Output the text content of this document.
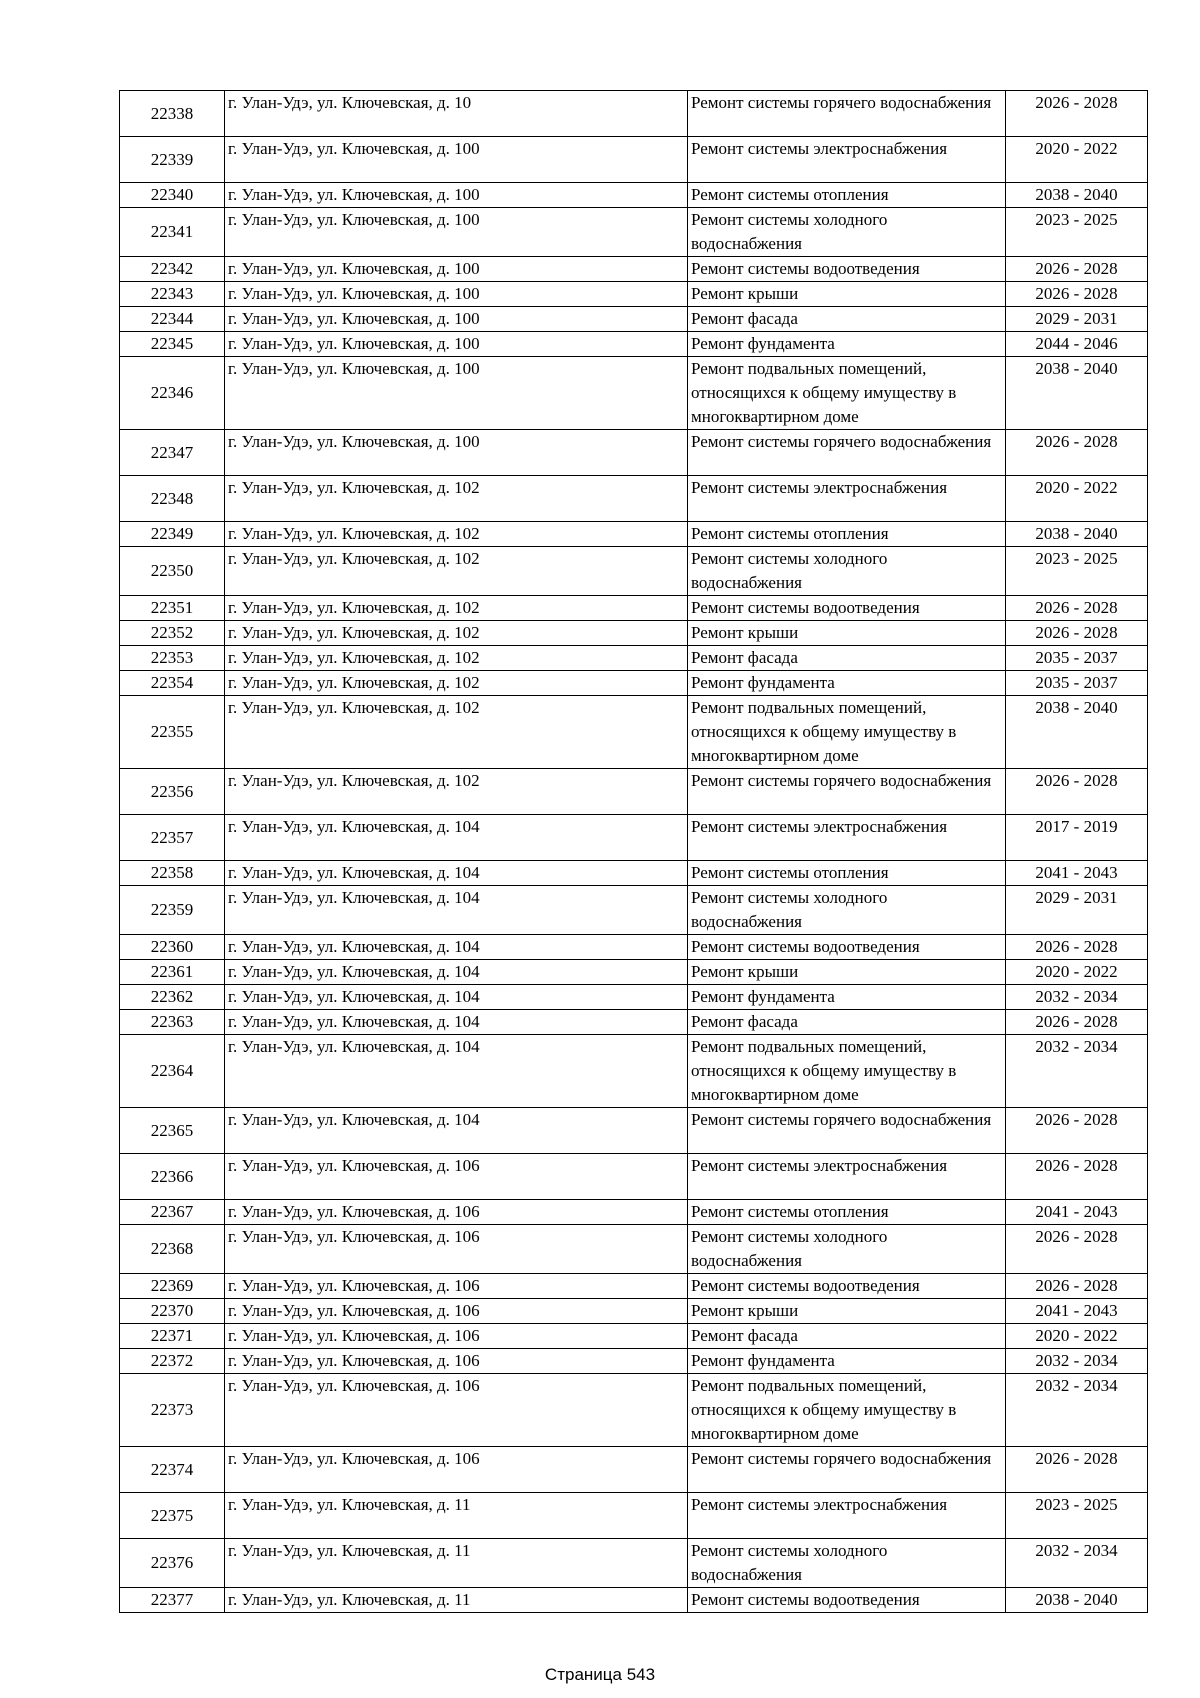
22338	г. Улан-Удэ, ул. Ключевская, д. 10	Ремонт системы горячего водоснабжения	2026 - 2028
22339	г. Улан-Удэ, ул. Ключевская, д. 100	Ремонт системы электроснабжения	2020 - 2022
22340	г. Улан-Удэ, ул. Ключевская, д. 100	Ремонт системы отопления	2038 - 2040
22341	г. Улан-Удэ, ул. Ключевская, д. 100	Ремонт системы холодного водоснабжения	2023 - 2025
22342	г. Улан-Удэ, ул. Ключевская, д. 100	Ремонт системы водоотведения	2026 - 2028
22343	г. Улан-Удэ, ул. Ключевская, д. 100	Ремонт крыши	2026 - 2028
22344	г. Улан-Удэ, ул. Ключевская, д. 100	Ремонт фасада	2029 - 2031
22345	г. Улан-Удэ, ул. Ключевская, д. 100	Ремонт фундамента	2044 - 2046
22346	г. Улан-Удэ, ул. Ключевская, д. 100	Ремонт подвальных помещений, относящихся к общему имуществу в многоквартирном доме	2038 - 2040
22347	г. Улан-Удэ, ул. Ключевская, д. 100	Ремонт системы горячего водоснабжения	2026 - 2028
22348	г. Улан-Удэ, ул. Ключевская, д. 102	Ремонт системы электроснабжения	2020 - 2022
22349	г. Улан-Удэ, ул. Ключевская, д. 102	Ремонт системы отопления	2038 - 2040
22350	г. Улан-Удэ, ул. Ключевская, д. 102	Ремонт системы холодного водоснабжения	2023 - 2025
22351	г. Улан-Удэ, ул. Ключевская, д. 102	Ремонт системы водоотведения	2026 - 2028
22352	г. Улан-Удэ, ул. Ключевская, д. 102	Ремонт крыши	2026 - 2028
22353	г. Улан-Удэ, ул. Ключевская, д. 102	Ремонт фасада	2035 - 2037
22354	г. Улан-Удэ, ул. Ключевская, д. 102	Ремонт фундамента	2035 - 2037
22355	г. Улан-Удэ, ул. Ключевская, д. 102	Ремонт подвальных помещений, относящихся к общему имуществу в многоквартирном доме	2038 - 2040
22356	г. Улан-Удэ, ул. Ключевская, д. 102	Ремонт системы горячего водоснабжения	2026 - 2028
22357	г. Улан-Удэ, ул. Ключевская, д. 104	Ремонт системы электроснабжения	2017 - 2019
22358	г. Улан-Удэ, ул. Ключевская, д. 104	Ремонт системы отопления	2041 - 2043
22359	г. Улан-Удэ, ул. Ключевская, д. 104	Ремонт системы холодного водоснабжения	2029 - 2031
22360	г. Улан-Удэ, ул. Ключевская, д. 104	Ремонт системы водоотведения	2026 - 2028
22361	г. Улан-Удэ, ул. Ключевская, д. 104	Ремонт крыши	2020 - 2022
22362	г. Улан-Удэ, ул. Ключевская, д. 104	Ремонт фундамента	2032 - 2034
22363	г. Улан-Удэ, ул. Ключевская, д. 104	Ремонт фасада	2026 - 2028
22364	г. Улан-Удэ, ул. Ключевская, д. 104	Ремонт подвальных помещений, относящихся к общему имуществу в многоквартирном доме	2032 - 2034
22365	г. Улан-Удэ, ул. Ключевская, д. 104	Ремонт системы горячего водоснабжения	2026 - 2028
22366	г. Улан-Удэ, ул. Ключевская, д. 106	Ремонт системы электроснабжения	2026 - 2028
22367	г. Улан-Удэ, ул. Ключевская, д. 106	Ремонт системы отопления	2041 - 2043
22368	г. Улан-Удэ, ул. Ключевская, д. 106	Ремонт системы холодного водоснабжения	2026 - 2028
22369	г. Улан-Удэ, ул. Ключевская, д. 106	Ремонт системы водоотведения	2026 - 2028
22370	г. Улан-Удэ, ул. Ключевская, д. 106	Ремонт крыши	2041 - 2043
22371	г. Улан-Удэ, ул. Ключевская, д. 106	Ремонт фасада	2020 - 2022
22372	г. Улан-Удэ, ул. Ключевская, д. 106	Ремонт фундамента	2032 - 2034
22373	г. Улан-Удэ, ул. Ключевская, д. 106	Ремонт подвальных помещений, относящихся к общему имуществу в многоквартирном доме	2032 - 2034
22374	г. Улан-Удэ, ул. Ключевская, д. 106	Ремонт системы горячего водоснабжения	2026 - 2028
22375	г. Улан-Удэ, ул. Ключевская, д. 11	Ремонт системы электроснабжения	2023 - 2025
22376	г. Улан-Удэ, ул. Ключевская, д. 11	Ремонт системы холодного водоснабжения	2032 - 2034
22377	г. Улан-Удэ, ул. Ключевская, д. 11	Ремонт системы водоотведения	2038 - 2040
Страница 543
